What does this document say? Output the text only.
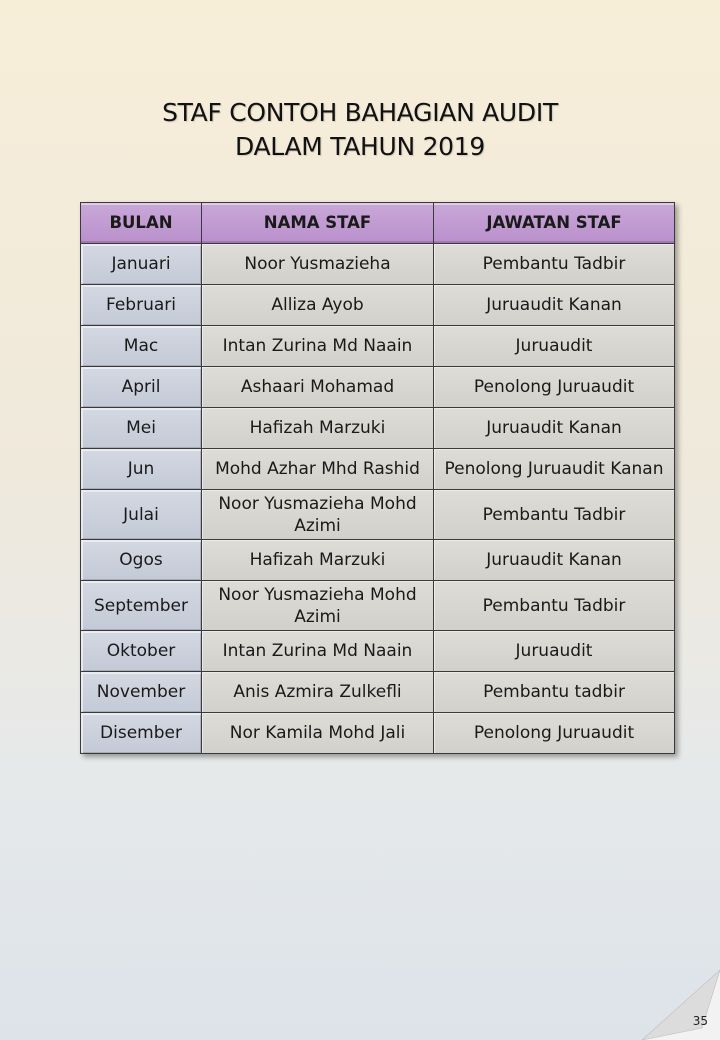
STAF CONTOH BAHAGIAN AUDIT
DALAM TAHUN 2019
BULAN	NAMA STAF	JAWATAN STAF
Januari	Noor Yusmazieha	Pembantu Tadbir
Februari	Alliza Ayob	Juruaudit Kanan
Mac	Intan Zurina Md Naain	Juruaudit
April	Ashaari Mohamad	Penolong Juruaudit
Mei	Hafizah Marzuki	Juruaudit Kanan
Jun	Mohd Azhar Mhd Rashid	Penolong Juruaudit Kanan
Julai	Noor Yusmazieha Mohd Azimi	Pembantu Tadbir
Ogos	Hafizah Marzuki	Juruaudit Kanan
September	Noor Yusmazieha Mohd Azimi	Pembantu Tadbir
Oktober	Intan Zurina Md Naain	Juruaudit
November	Anis Azmira Zulkefli	Pembantu tadbir
Disember	Nor Kamila Mohd Jali	Penolong Juruaudit
35
